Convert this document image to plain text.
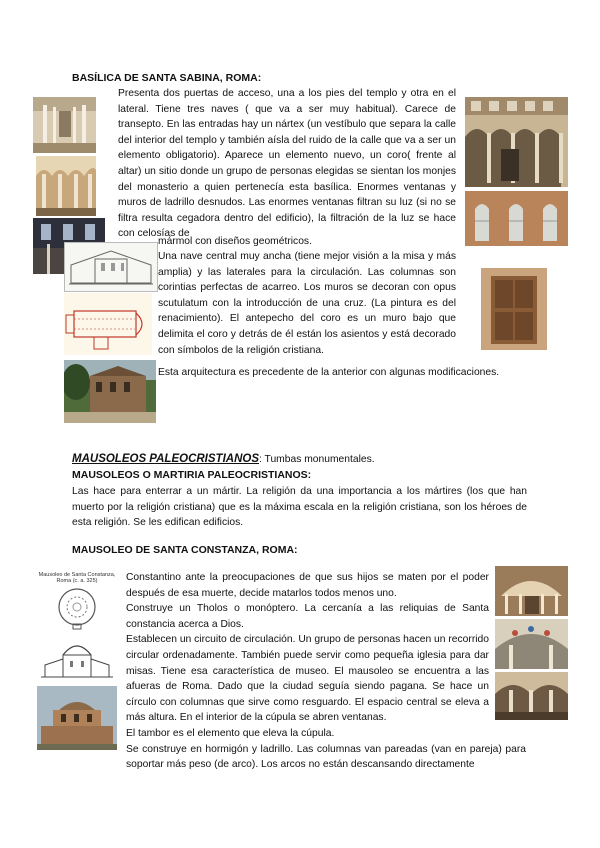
BASÍLICA DE SANTA SABINA, ROMA:

Presenta dos puertas de acceso, una a los pies del templo y otra en el lateral. Tiene tres naves ( que va a ser muy habitual). Carece de transepto. En las entradas hay un nártex (un vestíbulo que separa la calle del interior del templo y también aísla del ruido de la calle que va a ser un elemento obligatorio). Aparece un elemento nuevo, un coro( frente al altar) un sitio donde un grupo de personas elegidas se sientan los monjes del monasterio a quien pertenecía esta basílica. Enormes ventanas y muros de ladrillo desnudos. Las enormes ventanas filtran su luz (si no se filtra resulta cegadora dentro del edificio), la filtración de la luz se hace con celosías de

mármol con diseños geométricos.

Una nave central muy ancha (tiene mejor visión a la misa y más amplia) y las laterales para la circulación. Las columnas son corintias perfectas de acarreo. Los muros se decoran con opus scutulatum con la introducción de una cruz. (La pintura es del renacimiento). El antepecho del coro es un muro bajo que delimita el coro y detrás de él están los asientos y está decorado con símbolos de la religión cristiana.

Esta arquitectura es precedente de la anterior con algunas modificaciones.

MAUSOLEOS PALEOCRISTIANOS: Tumbas monumentales.
MAUSOLEOS O MARTIRIA PALEOCRISTIANOS:

Las hace para enterrar a un mártir. La religión da una importancia a los mártires (los que han muerto por la religión cristiana) que es la máxima escala en la religión cristiana, son los héroes de esta religión. Se les edifican edificios.

MAUSOLEO DE SANTA CONSTANZA, ROMA:

Constantino ante la preocupaciones de que sus hijos se maten por el poder después de esa muerte, decide matarlos todos menos uno.

Construye un Tholos o monóptero. La cercanía a las reliquias de Santa constancia acerca a Dios.

Establecen un circuito de circulación. Un grupo de personas hacen un recorrido circular ordenadamente. También puede servir como pequeña iglesia para dar misas. Tiene esa característica de museo. El mausoleo se encuentra a las afueras de Roma. Dado que la ciudad seguía siendo pagana. Se hace un círculo con columnas que sirve como resguardo. El espacio central se eleva a más altura. En el interior de la cúpula se abren ventanas.

El tambor es el elemento que eleva la cúpula.

Se construye en hormigón y ladrillo. Las columnas van pareadas (van en pareja) para soportar más peso (de arco). Los arcos no están descansando directamente

Mausoleo de Santa Constanza, Roma (c. a. 325)
